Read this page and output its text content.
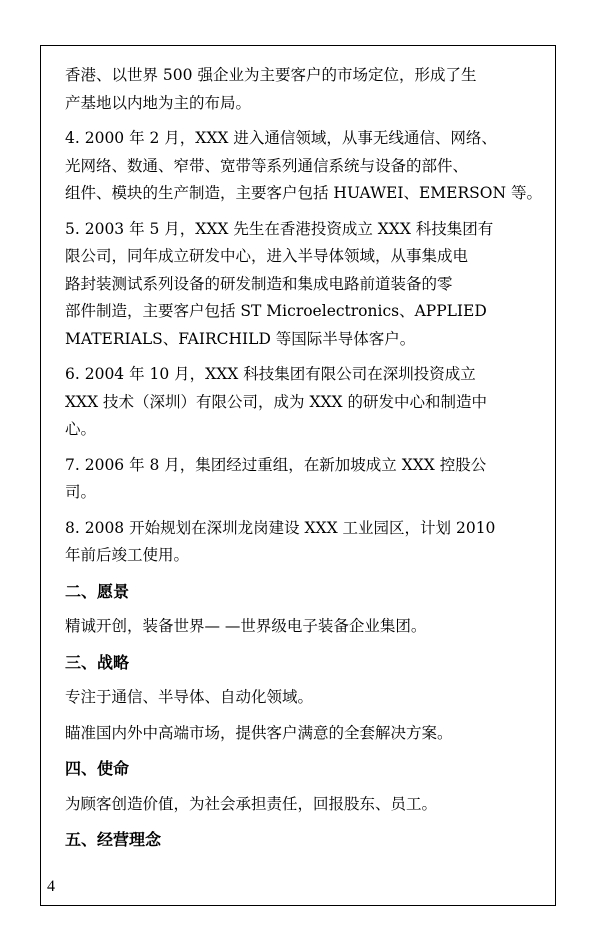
香港、以世界 500 强企业为主要客户的市场定位，形成了生
产基地以内地为主的布局。
4. 2000 年 2 月，XXX 进入通信领域，从事无线通信、网络、
光网络、数通、窄带、宽带等系列通信系统与设备的部件、
组件、模块的生产制造，主要客户包括 HUAWEI、EMERSON 等。
5. 2003 年 5 月，XXX 先生在香港投资成立 XXX 科技集团有
限公司，同年成立研发中心，进入半导体领域，从事集成电
路封装测试系列设备的研发制造和集成电路前道装备的零
部件制造，主要客户包括 ST Microelectronics、APPLIED
MATERIALS、FAIRCHILD 等国际半导体客户。
6. 2004 年 10 月，XXX 科技集团有限公司在深圳投资成立
XXX 技术（深圳）有限公司，成为 XXX 的研发中心和制造中
心。
7. 2006 年 8 月，集团经过重组，在新加坡成立 XXX 控股公
司。
8. 2008 开始规划在深圳龙岗建设 XXX 工业园区，计划 2010
年前后竣工使用。
二、愿景
精诚开创，装备世界— —世界级电子装备企业集团。
三、战略
专注于通信、半导体、自动化领域。
瞄准国内外中高端市场，提供客户满意的全套解决方案。
四、使命
为顾客创造价值，为社会承担责任，回报股东、员工。
五、经营理念
4
